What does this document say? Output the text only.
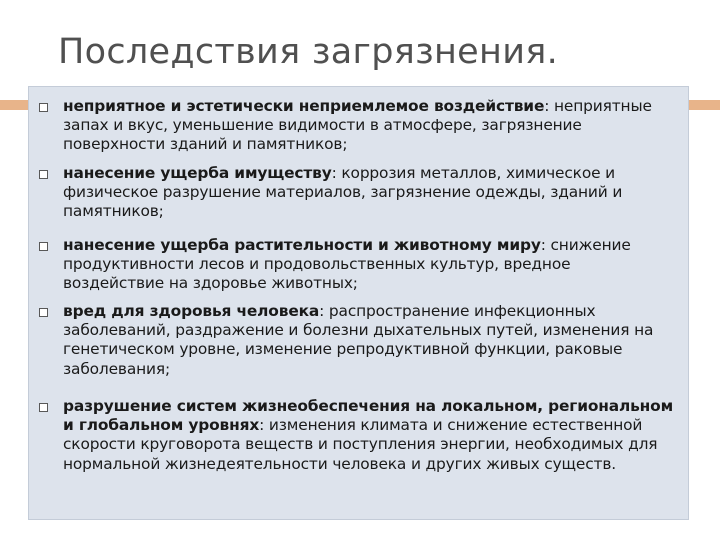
Последствия загрязнения.
неприятное и эстетически неприемлемое воздействие: неприятные запах и вкус, уменьшение видимости в атмосфере, загрязнение поверхности зданий и памятников;
нанесение ущерба имуществу: коррозия металлов, химическое и физическое разрушение материалов, загрязнение одежды, зданий и памятников;
нанесение ущерба растительности и животному миру: снижение продуктивности лесов и продовольственных культур, вредное воздействие на здоровье животных;
вред для здоровья человека: распространение инфекционных заболеваний, раздражение и болезни дыхательных путей, изменения на генетическом уровне, изменение репродуктивной функции, раковые заболевания;
разрушение систем жизнеобеспечения на локальном, региональном и глобальном уровнях: изменения климата и снижение естественной скорости круговорота веществ и поступления энергии, необходимых для нормальной жизнедеятельности человека и других живых существ.
